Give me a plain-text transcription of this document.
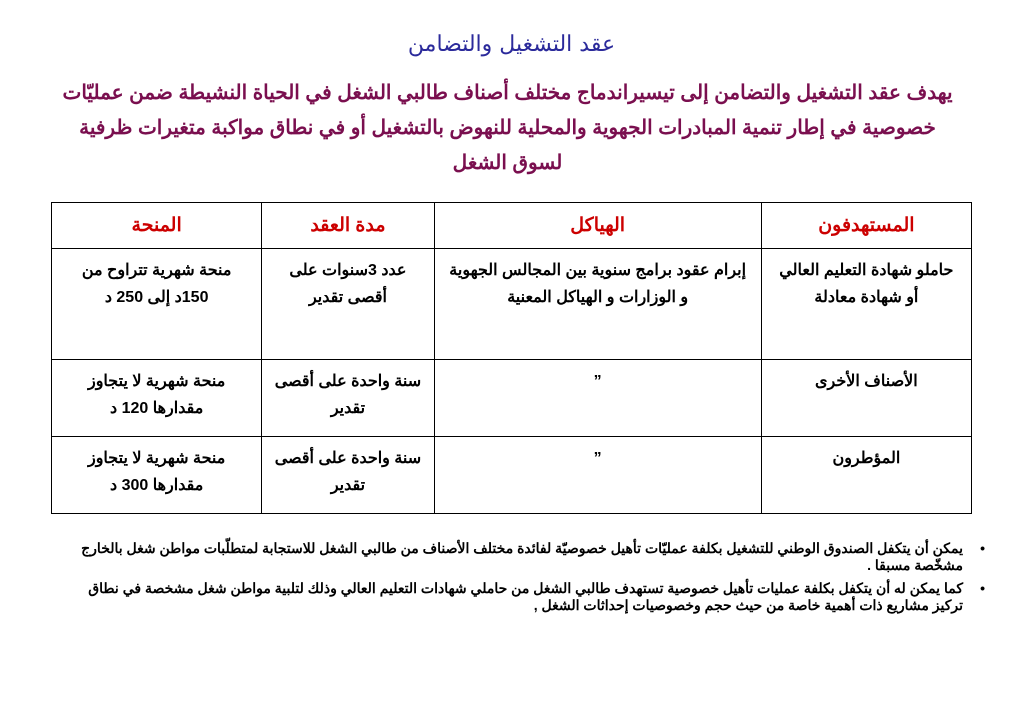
عقد التشغيل والتضامن
يهدف عقد التشغيل والتضامن إلى تيسيراندماج مختلف أصناف طالبي الشغل في الحياة النشيطة ضمن عمليّات خصوصية في إطار تنمية المبادرات الجهوية والمحلية للنهوض بالتشغيل أو في نطاق مواكبة متغيرات ظرفية لسوق الشغل
المستهدفون	الهياكل	مدة العقد	المنحة
حاملو شهادة التعليم العالي أو شهادة معادلة	إبرام عقود برامج سنوية بين المجالس الجهوية و الوزارات و الهياكل المعنية	عدد 3سنوات على أقصى تقدير	منحة شهرية تتراوح من 150د إلى 250 د
الأصناف الأخرى	”	سنة واحدة على أقصى تقدير	منحة شهرية لا يتجاوز مقدارها 120 د
المؤطرون	”	سنة واحدة على أقصى تقدير	منحة شهرية لا يتجاوز مقدارها 300 د
•
يمكن أن يتكفل الصندوق الوطني للتشغيل بكلفة عمليّات تأهيل خصوصيّة لفائدة مختلف الأصناف من طالبي الشغل للاستجابة لمتطلّبات مواطن شغل بالخارج مشخّصة مسبقا .
•
كما يمكن له أن يتكفل بكلفة عمليات تأهيل خصوصية تستهدف طالبي الشغل من حاملي شهادات التعليم العالي وذلك لتلبية مواطن شغل مشخصة في نطاق تركيز مشاريع ذات أهمية خاصة من حيث حجم وخصوصيات إحداثات الشغل ,
